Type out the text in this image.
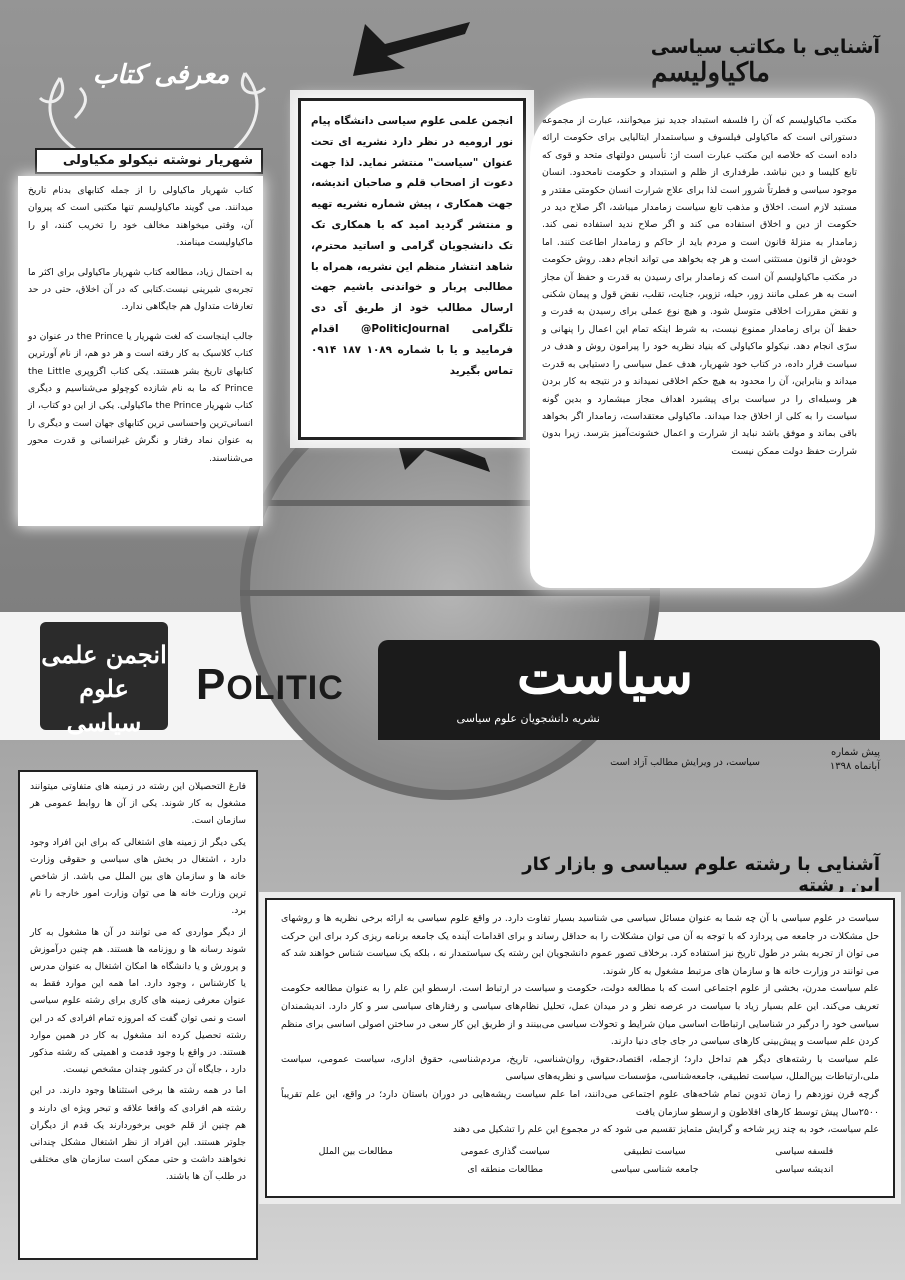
انجمن علمی علوم سیاسی دانشگاه پیام نور ارومیه در نظر دارد نشریه ای تحت عنوان "سیاست" منتشر نماید. لذا جهت دعوت از اصحاب قلم و صاحبان اندیشه، جهت همکاری ، پیش شماره نشریه تهیه و منتشر گردید امید که با همکاری تک تک دانشجویان گرامی و اساتید محترم، شاهد انتشار منظم این نشریه، همراه با مطالبی پربار و خواندنی باشیم جهت ارسال مطالب خود از طریق آی دی تلگرامی PoliticJournal@ اقدام فرمایید و یا با شماره ۱۰۸۹ ۱۸۷ ۰۹۱۴ تماس بگیرید
آشنایی با مکاتب سیاسی
ماکیاولیسم
مکتب ماکیاولیسم که آن را فلسفه استبداد جدید نیز میخوانند، عبارت از مجموعه دستوراتی است که ماکیاولی فیلسوف و سیاستمدار ایتالیایی برای حکومت ارائه داده است که خلاصه این مکتب عبارت است از: تأسیس دولتهای متحد و قوی که تابع کلیسا و دین نباشد. طرفداری از ظلم و استبداد و حکومت نامحدود. انسان موجود سیاسی و فطرتاً شرور است لذا برای علاج شرارت انسان حکومتی مقتدر و مستبد لازم است. اخلاق و مذهب تابع سیاست زمامدار میباشد، اگر صلاح دید در حکومت از دین و اخلاق استفاده می کند و اگر صلاح ندید استفاده نمی کند. زمامدار به منزلهٔ قانون است و مردم باید از حاکم و زمامدار اطاعت کنند. اما خودش از قانون مستثنی است و هر چه بخواهد می تواند انجام دهد. روش حکومت در مکتب ماکیاولیسم آن است که زمامدار برای رسیدن به قدرت و حفظ آن مجاز است به هر عملی مانند زور، حیله، تزویر، جنایت، تقلب، نقض قول و پیمان شکنی و نقض مقررات اخلاقی متوسل شود. و هیچ نوع عملی برای رسیدن به قدرت و حفظ آن برای زمامدار ممنوع نیست، به شرط اینکه تمام این اعمال را پنهانی و سرّی انجام دهد. نیکولو ماکیاولی که بنیاد نظریه خود را پیرامون روش و هدف در سیاست قرار داده، در کتاب خود شهریار، هدف عمل سیاسی را دستیابی به قدرت میداند و بنابراین، آن را محدود به هیچ حکم اخلاقی نمیداند و در نتیجه به کار بردن هر وسیله‌ای را در سیاست برای پیشبرد اهداف مجاز میشمارد و بدین گونه سیاست را به کلی از اخلاق جدا میداند. ماکیاولی معتقداست، زمامدار اگر بخواهد باقی بماند و موفق باشد نباید از شرارت و اعمال خشونت‌آمیز بترسد. زیرا بدون شرارت حفظ دولت ممکن نیست
معرفی کتاب
شهریار نوشته نیکولو مکیاولی

کتاب شهریار ماکیاولی را از جمله کتابهای بدنام تاریخ میدانند. می گویند ماکیاولیسم تنها مکتبی است که پیروان آن، وقتی میخواهند مخالف خود را تخریب کنند، او را ماکیاولیست مینامند.

به احتمال زیاد، مطالعه کتاب شهریار ماکیاولی برای اکثر ما تجربه‌ی شیرینی نیست.کتابی که در آن اخلاق، حتی در حد تعارفات متداول هم جایگاهی ندارد.

جالب اینجاست که لغت شهریار یا the Prince در عنوان دو کتاب کلاسیک به کار رفته است و هر دو هم، از نام آورترین کتابهای تاریخ بشر هستند. یکی کتاب اگزوپری the Little Prince که ما به نام شازده کوچولو می‌شناسیم و دیگری کتاب شهریار the Prince ماکیاولی. یکی از این دو کتاب، از انسانی‌ترین واحساسی ترین کتابهای جهان است و دیگری را به عنوان نماد رفتار و نگرش غیرانسانی و قدرت محور می‌شناسند.

انجمن علمی علوم سیاسی
POLITIC	سیاست
نشریه دانشجویان علوم سیاسی
پیش شماره
آبانماه ۱۳۹۸
سیاست، در ویرایش مطالب آزاد است

فارغ التحصیلان این رشته در زمینه های متفاوتی میتوانند مشغول به کار شوند. یکی از آن ها روابط عمومی هر سازمان است.

یکی دیگر از زمینه های اشتغالی که برای این افراد وجود دارد ، اشتغال در بخش های سیاسی و حقوقی وزارت خانه ها و سازمان های بین الملل می باشد. از شاخص ترین وزارت خانه ها می توان وزارت امور خارجه را نام برد.

از دیگر مواردی که می توانند در آن ها مشغول به کار شوند رسانه ها و روزنامه ها هستند. هم چنین درآموزش و پرورش و یا دانشگاه ها امکان اشتغال به عنوان مدرس یا کارشناس ، وجود دارد. اما همه این موارد فقط به عنوان معرفی زمینه های کاری برای رشته علوم سیاسی است و نمی توان گفت که امروزه تمام افرادی که در این رشته تحصیل کرده اند مشغول به کار در همین موارد هستند. در واقع با وجود قدمت و اهمیتی که رشته مذکور دارد ، جایگاه آن در کشور چندان مشخص نیست.

اما در همه رشته ها برخی استثناها وجود دارند. در این رشته هم افرادی که واقعا علاقه و تبحر ویژه ای دارند و هم چنین از قلم خوبی برخوردارند یک قدم از دیگران جلوتر هستند. این افراد از نظر اشتغال مشکل چندانی نخواهند داشت و حتی ممکن است سازمان های مختلفی در طلب آن ها باشند.

آشنایی با رشته علوم سیاسی و بازار کار این رشته

سیاست در علوم سیاسی با آن چه شما به عنوان مسائل سیاسی می شناسید بسیار تفاوت دارد. در واقع علوم سیاسی به ارائه برخی نظریه ها و روشهای حل مشکلات در جامعه می پردازد که با توجه به آن می توان مشکلات را به حداقل رساند و برای اقدامات آینده یک جامعه برنامه ریزی کرد برای این حرکت می توان از تجربه بشر در طول تاریخ نیز استفاده کرد. برخلاف تصور عموم دانشجویان این رشته یک سیاستمدار نه ، بلکه یک سیاست شناس خواهند شد که می توانند در وزارت خانه ها و سازمان های مرتبط مشغول به کار شوند.

علم سیاست مدرن، بخشی از علوم اجتماعی است که با مطالعه دولت، حکومت و سیاست در ارتباط است. ارسطو این علم را به عنوان مطالعه حکومت تعریف می‌کند. این علم بسیار زیاد با سیاست در عرصه نظر و در میدان عمل، تحلیل نظام‌های سیاسی و رفتارهای سیاسی سر و کار دارد. اندیشمندان سیاسی خود را درگیر در شناسایی ارتباطات اساسی میان شرایط و تحولات سیاسی می‌بینند و از طریق این کار سعی در ساختن اصولی اساسی برای منظم کردن علم سیاست و پیش‌بینی کارهای سیاسی در جای جای دنیا دارند.

علم سیاست با رشته‌های دیگر هم تداخل دارد؛ ازجمله، اقتصاد،حقوق، روان‌شناسی، تاریخ، مردم‌شناسی، حقوق اداری، سیاست عمومی، سیاست ملی،ارتباطات بین‌الملل، سیاست تطبیقی، جامعه‌شناسی، مؤسسات سیاسی و نظریه‌های سیاسی

گرچه قرن نوزدهم را زمان تدوین تمام شاخه‌های علوم اجتماعی می‌دانند، اما علم سیاست ریشه‌هایی در دوران باستان دارد؛ در واقع، این علم تقریباً ۲۵۰۰سال پیش توسط کارهای افلاطون و ارسطو سازمان یافت

علم سیاست، خود به چند زیر شاخه و گرایش متمایز تقسیم می شود که در مجموع این علم را تشکیل می دهند

فلسفه سیاسی
سیاست تطبیقی
سیاست گذاری عمومی
مطالعات بین الملل
اندیشه سیاسی
جامعه شناسی سیاسی
مطالعات منطقه ای
